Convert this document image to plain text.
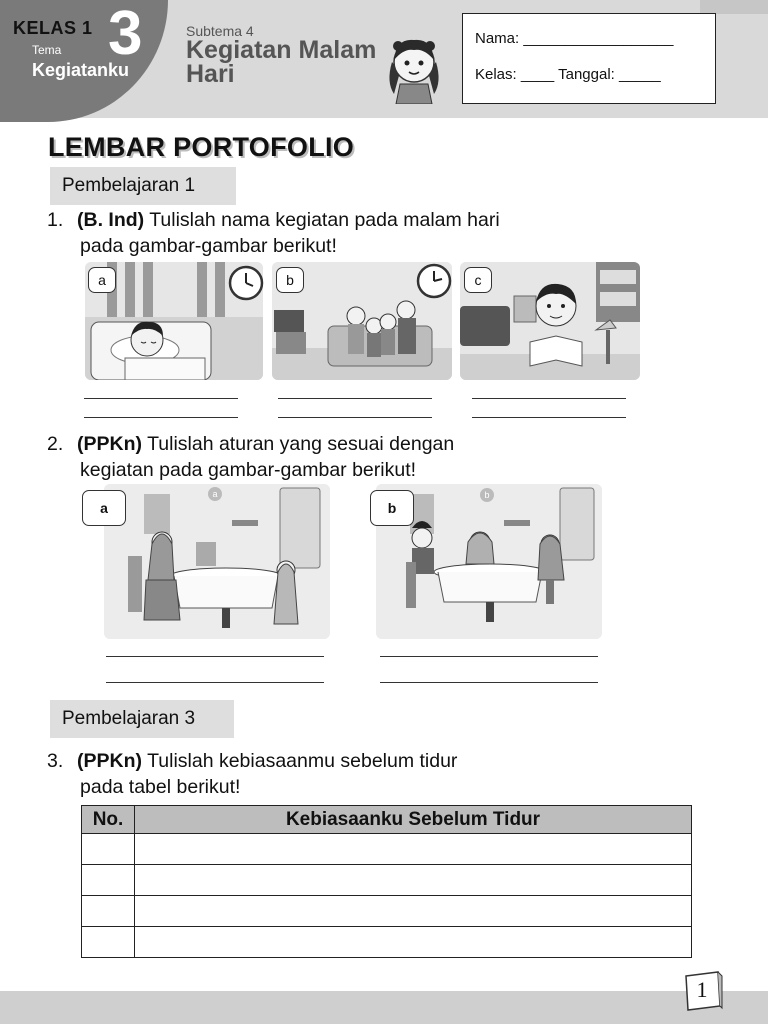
KELAS 1 3
Tema
Kegiatanku
Subtema 4
Kegiatan Malam Hari
Nama: __________________
Kelas: ____ Tanggal: _____
LEMBAR PORTOFOLIO
Pembelajaran 1
1. (B. Ind) Tulislah nama kegiatan pada malam hari
pada gambar-gambar berikut!
a	b	c
2. (PPKn) Tulislah aturan yang sesuai dengan
kegiatan pada gambar-gambar berikut!
a
a
b
b
Pembelajaran 3
3. (PPKn) Tulislah kebiasaanmu sebelum tidur
pada tabel berikut!
No.	Kebiasaanku Sebelum Tidur

1
